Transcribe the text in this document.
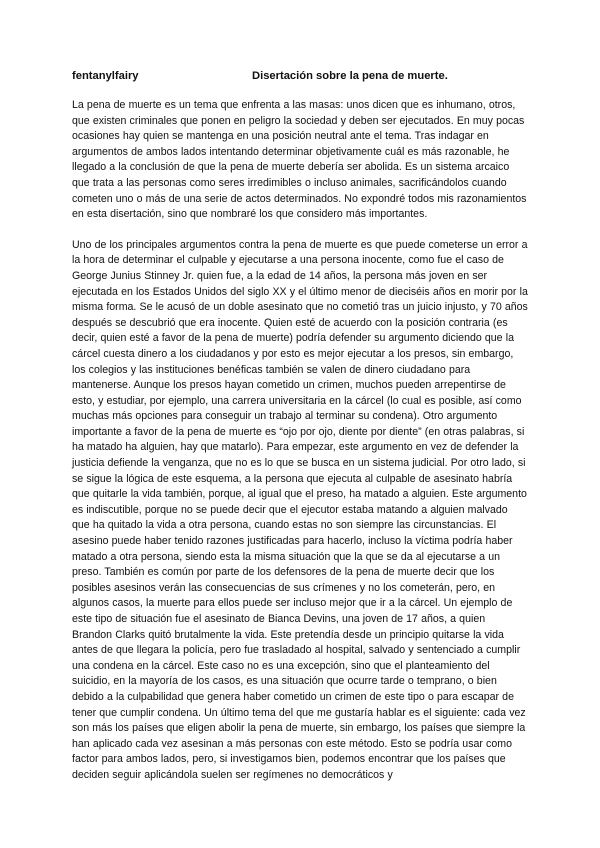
fentanylfairy	Disertación sobre la pena de muerte.

La pena de muerte es un tema que enfrenta a las masas: unos dicen que es inhumano, otros, que existen criminales que ponen en peligro la sociedad y deben ser ejecutados. En muy pocas ocasiones hay quien se mantenga en una posición neutral ante el tema. Tras indagar en argumentos de ambos lados intentando determinar objetivamente cuál es más razonable, he llegado a la conclusión de que la pena de muerte debería ser abolida. Es un sistema arcaico que trata a las personas como seres irredimibles o incluso animales, sacrificándolos cuando cometen uno o más de una serie de actos determinados. No expondré todos mis razonamientos en esta disertación, sino que nombraré los que considero más importantes.

Uno de los principales argumentos contra la pena de muerte es que puede cometerse un error a la hora de determinar el culpable y ejecutarse a una persona inocente, como fue el caso de George Junius Stinney Jr. quien fue, a la edad de 14 años, la persona más joven en ser ejecutada en los Estados Unidos del siglo XX y el último menor de dieciséis años en morir por la misma forma. Se le acusó de un doble asesinato que no cometió tras un juicio injusto, y 70 años después se descubrió que era inocente. Quien esté de acuerdo con la posición contraria (es decir, quien esté a favor de la pena de muerte) podría defender su argumento diciendo que la cárcel cuesta dinero a los ciudadanos y por esto es mejor ejecutar a los presos, sin embargo, los colegios y las instituciones benéficas también se valen de dinero ciudadano para mantenerse. Aunque los presos hayan cometido un crimen, muchos pueden arrepentirse de esto, y estudiar, por ejemplo, una carrera universitaria en la cárcel (lo cual es posible, así como muchas más opciones para conseguir un trabajo al terminar su condena). Otro argumento importante a favor de la pena de muerte es “ojo por ojo, diente por diente” (en otras palabras, si ha matado ha alguien, hay que matarlo). Para empezar, este argumento en vez de defender la justicia defiende la venganza, que no es lo que se busca en un sistema judicial. Por otro lado, si se sigue la lógica de este esquema, a la persona que ejecuta al culpable de asesinato habría que quitarle la vida también, porque, al igual que el preso, ha matado a alguien. Este argumento es indiscutible, porque no se puede decir que el ejecutor estaba matando a alguien malvado que ha quitado la vida a otra persona, cuando estas no son siempre las circunstancias. El asesino puede haber tenido razones justificadas para hacerlo, incluso la víctima podría haber matado a otra persona, siendo esta la misma situación que la que se da al ejecutarse a un preso. También es común por parte de los defensores de la pena de muerte decir que los posibles asesinos verán las consecuencias de sus crímenes y no los cometerán, pero, en algunos casos, la muerte para ellos puede ser incluso mejor que ir a la cárcel. Un ejemplo de este tipo de situación fue el asesinato de Bianca Devins, una joven de 17 años, a quien Brandon Clarks quitó brutalmente la vida. Este pretendía desde un principio quitarse la vida antes de que llegara la policía, pero fue trasladado al hospital, salvado y sentenciado a cumplir una condena en la cárcel. Este caso no es una excepción, sino que el planteamiento del suicidio, en la mayoría de los casos, es una situación que ocurre tarde o temprano, o bien debido a la culpabilidad que genera haber cometido un crimen de este tipo o para escapar de tener que cumplir condena. Un último tema del que me gustaría hablar es el siguiente: cada vez son más los países que eligen abolir la pena de muerte, sin embargo, los países que siempre la han aplicado cada vez asesinan a más personas con este método. Esto se podría usar como factor para ambos lados, pero, si investigamos bien, podemos encontrar que los países que deciden seguir aplicándola suelen ser regímenes no democráticos y
